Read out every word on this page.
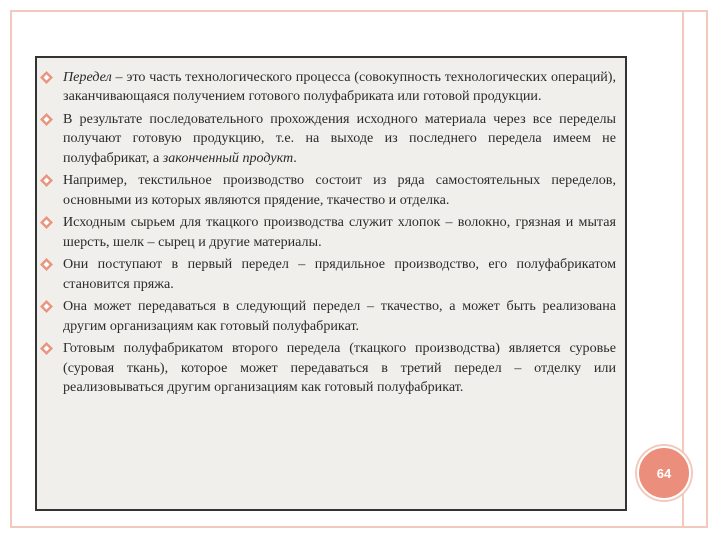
Передел – это часть технологического процесса (совокупность технологических операций), заканчивающаяся получением готового полуфабриката или готовой продукции.
В результате последовательного прохождения исходного материала через все переделы получают готовую продукцию, т.е. на выходе из последнего передела имеем не полуфабрикат, а законченный продукт.
Например, текстильное производство состоит из ряда самостоятельных переделов, основными из которых являются прядение, ткачество и отделка.
Исходным сырьем для ткацкого производства служит хлопок – волокно, грязная и мытая шерсть, шелк – сырец и другие материалы.
Они поступают в первый передел – прядильное производство, его полуфабрикатом становится пряжа.
Она может передаваться в следующий передел – ткачество, а может быть реализована другим организациям как готовый полуфабрикат.
Готовым полуфабрикатом второго передела (ткацкого производства) является суровье (суровая ткань), которое может передаваться в третий передел – отделку или реализовываться другим организациям как готовый полуфабрикат.
64
